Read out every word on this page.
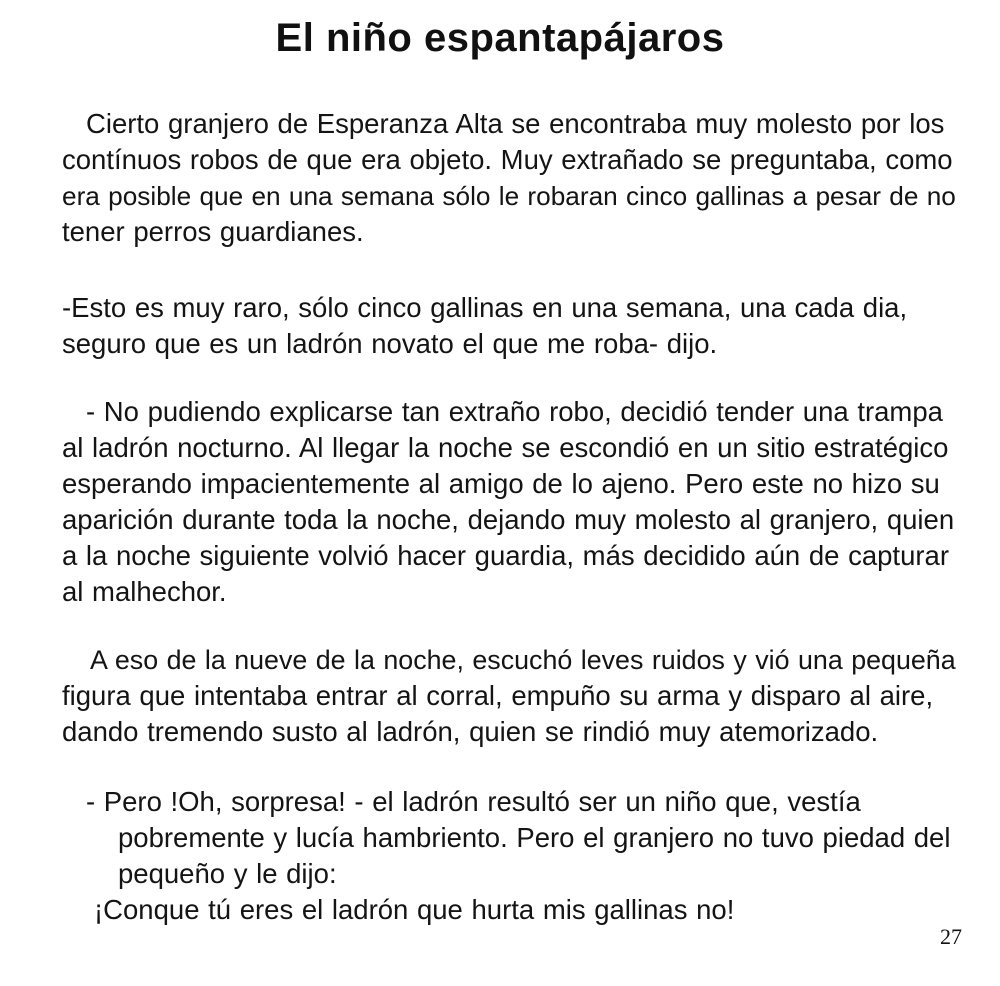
El niño espantapájaros
Cierto granjero de Esperanza Alta se encontraba muy molesto por los
contínuos robos de que era objeto. Muy extrañado se preguntaba, como
era posible que en una semana sólo le robaran cinco gallinas a pesar de no
tener perros guardianes.
-Esto es muy raro, sólo cinco gallinas en una semana, una cada dia,
seguro que es un ladrón novato el que me roba- dijo.
- No pudiendo explicarse tan extraño robo, decidió tender una trampa
al ladrón nocturno. Al llegar la noche se escondió en un sitio estratégico
esperando impacientemente al amigo de lo ajeno. Pero este no hizo su
aparición durante toda la noche, dejando muy molesto al granjero, quien
a la noche siguiente volvió hacer guardia, más decidido aún de capturar
al malhechor.
A eso de la nueve de la noche, escuchó leves ruidos y vió una pequeña
figura que intentaba entrar al corral, empuño su arma y disparo al aire,
dando tremendo susto al ladrón, quien se rindió muy atemorizado.
- Pero !Oh, sorpresa! - el ladrón resultó ser un niño que, vestía
pobremente y lucía hambriento. Pero el granjero no tuvo piedad del
pequeño y le dijo:
¡Conque tú eres el ladrón que hurta mis gallinas no!
27
